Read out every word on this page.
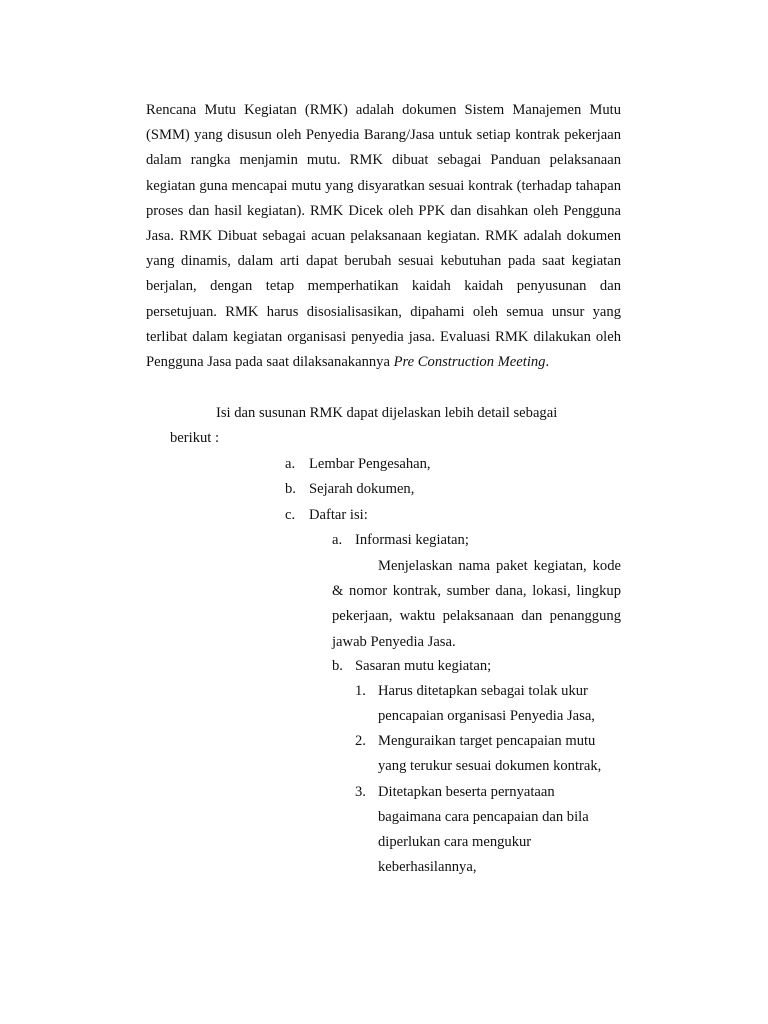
Rencana Mutu Kegiatan (RMK) adalah dokumen Sistem Manajemen Mutu (SMM) yang disusun oleh Penyedia Barang/Jasa untuk setiap kontrak pekerjaan dalam rangka menjamin mutu. RMK dibuat sebagai Panduan pelaksanaan kegiatan guna mencapai mutu yang disyaratkan sesuai kontrak (terhadap tahapan proses dan hasil kegiatan). RMK Dicek oleh PPK dan disahkan oleh Pengguna Jasa. RMK Dibuat sebagai acuan pelaksanaan kegiatan. RMK adalah dokumen yang dinamis, dalam arti dapat berubah sesuai kebutuhan pada saat kegiatan berjalan, dengan tetap memperhatikan kaidah kaidah penyusunan dan persetujuan. RMK harus disosialisasikan, dipahami oleh semua unsur yang terlibat dalam kegiatan organisasi penyedia jasa. Evaluasi RMK dilakukan oleh Pengguna Jasa pada saat dilaksanakannya Pre Construction Meeting.

Isi dan susunan RMK dapat dijelaskan lebih detail sebagai

berikut :

a. Lembar Pengesahan,
b. Sejarah dokumen,
c. Daftar isi:
a. Informasi kegiatan;

Menjelaskan nama paket kegiatan, kode & nomor kontrak, sumber dana, lokasi, lingkup pekerjaan, waktu pelaksanaan dan penanggung jawab Penyedia Jasa.

b. Sasaran mutu kegiatan;
1. Harus ditetapkan sebagai tolak ukur
pencapaian organisasi Penyedia Jasa,
2. Menguraikan target pencapaian mutu
yang terukur sesuai dokumen kontrak,
3. Ditetapkan beserta pernyataan
bagaimana cara pencapaian dan bila
diperlukan cara mengukur
keberhasilannya,
